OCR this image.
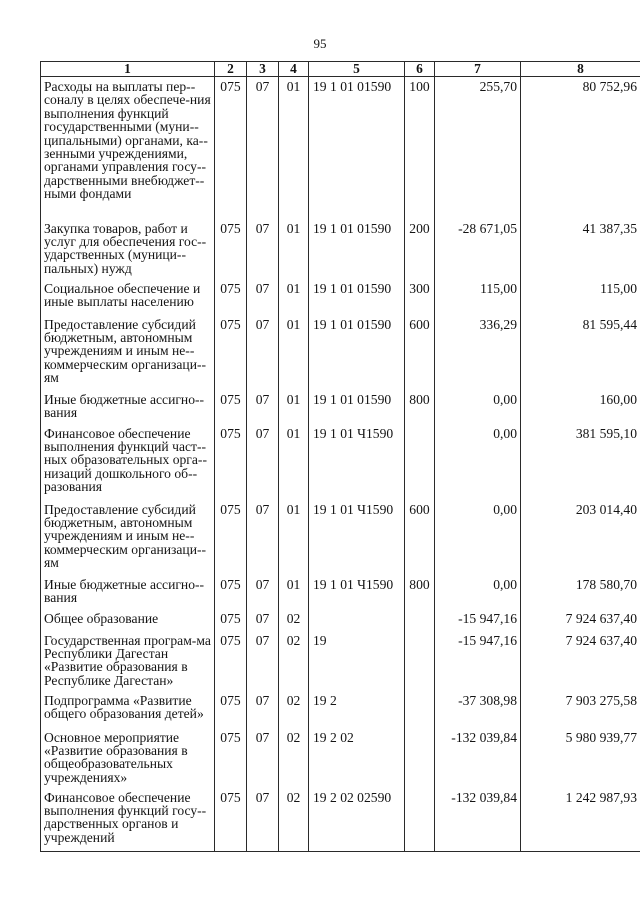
95
1	2	3	4	5	6	7	8
Расходы на выплаты пер-соналу в целях обеспече-ния выполнения функций государственными (муни-ципальными) органами, ка-зенными учреждениями, органами управления госу-дарственными внебюджет-ными фондами	075	07	01	19 1 01 01590	100	255,70	80 752,96
Закупка товаров, работ и услуг для обеспечения гос-ударственных (муници-пальных) нужд	075	07	01	19 1 01 01590	200	-28 671,05	41 387,35
Социальное обеспечение и иные выплаты населению	075	07	01	19 1 01 01590	300	115,00	115,00
Предоставление субсидий бюджетным, автономным учреждениям и иным не-коммерческим организаци-ям	075	07	01	19 1 01 01590	600	336,29	81 595,44
Иные бюджетные ассигно-вания	075	07	01	19 1 01 01590	800	0,00	160,00
Финансовое обеспечение выполнения функций част-ных образовательных орга-низаций дошкольного об-разования	075	07	01	19 1 01 Ч1590		0,00	381 595,10
Предоставление субсидий бюджетным, автономным учреждениям и иным не-коммерческим организаци-ям	075	07	01	19 1 01 Ч1590	600	0,00	203 014,40
Иные бюджетные ассигно-вания	075	07	01	19 1 01 Ч1590	800	0,00	178 580,70
Общее образование	075	07	02			-15 947,16	7 924 637,40
Государственная програм-ма Республики Дагестан «Развитие образования в Республике Дагестан»	075	07	02	19		-15 947,16	7 924 637,40
Подпрограмма «Развитие общего образования детей»	075	07	02	19 2		-37 308,98	7 903 275,58
Основное мероприятие «Развитие образования в общеобразовательных учреждениях»	075	07	02	19 2 02		-132 039,84	5 980 939,77
Финансовое обеспечение выполнения функций госу-дарственных органов и учреждений	075	07	02	19 2 02 02590		-132 039,84	1 242 987,93
